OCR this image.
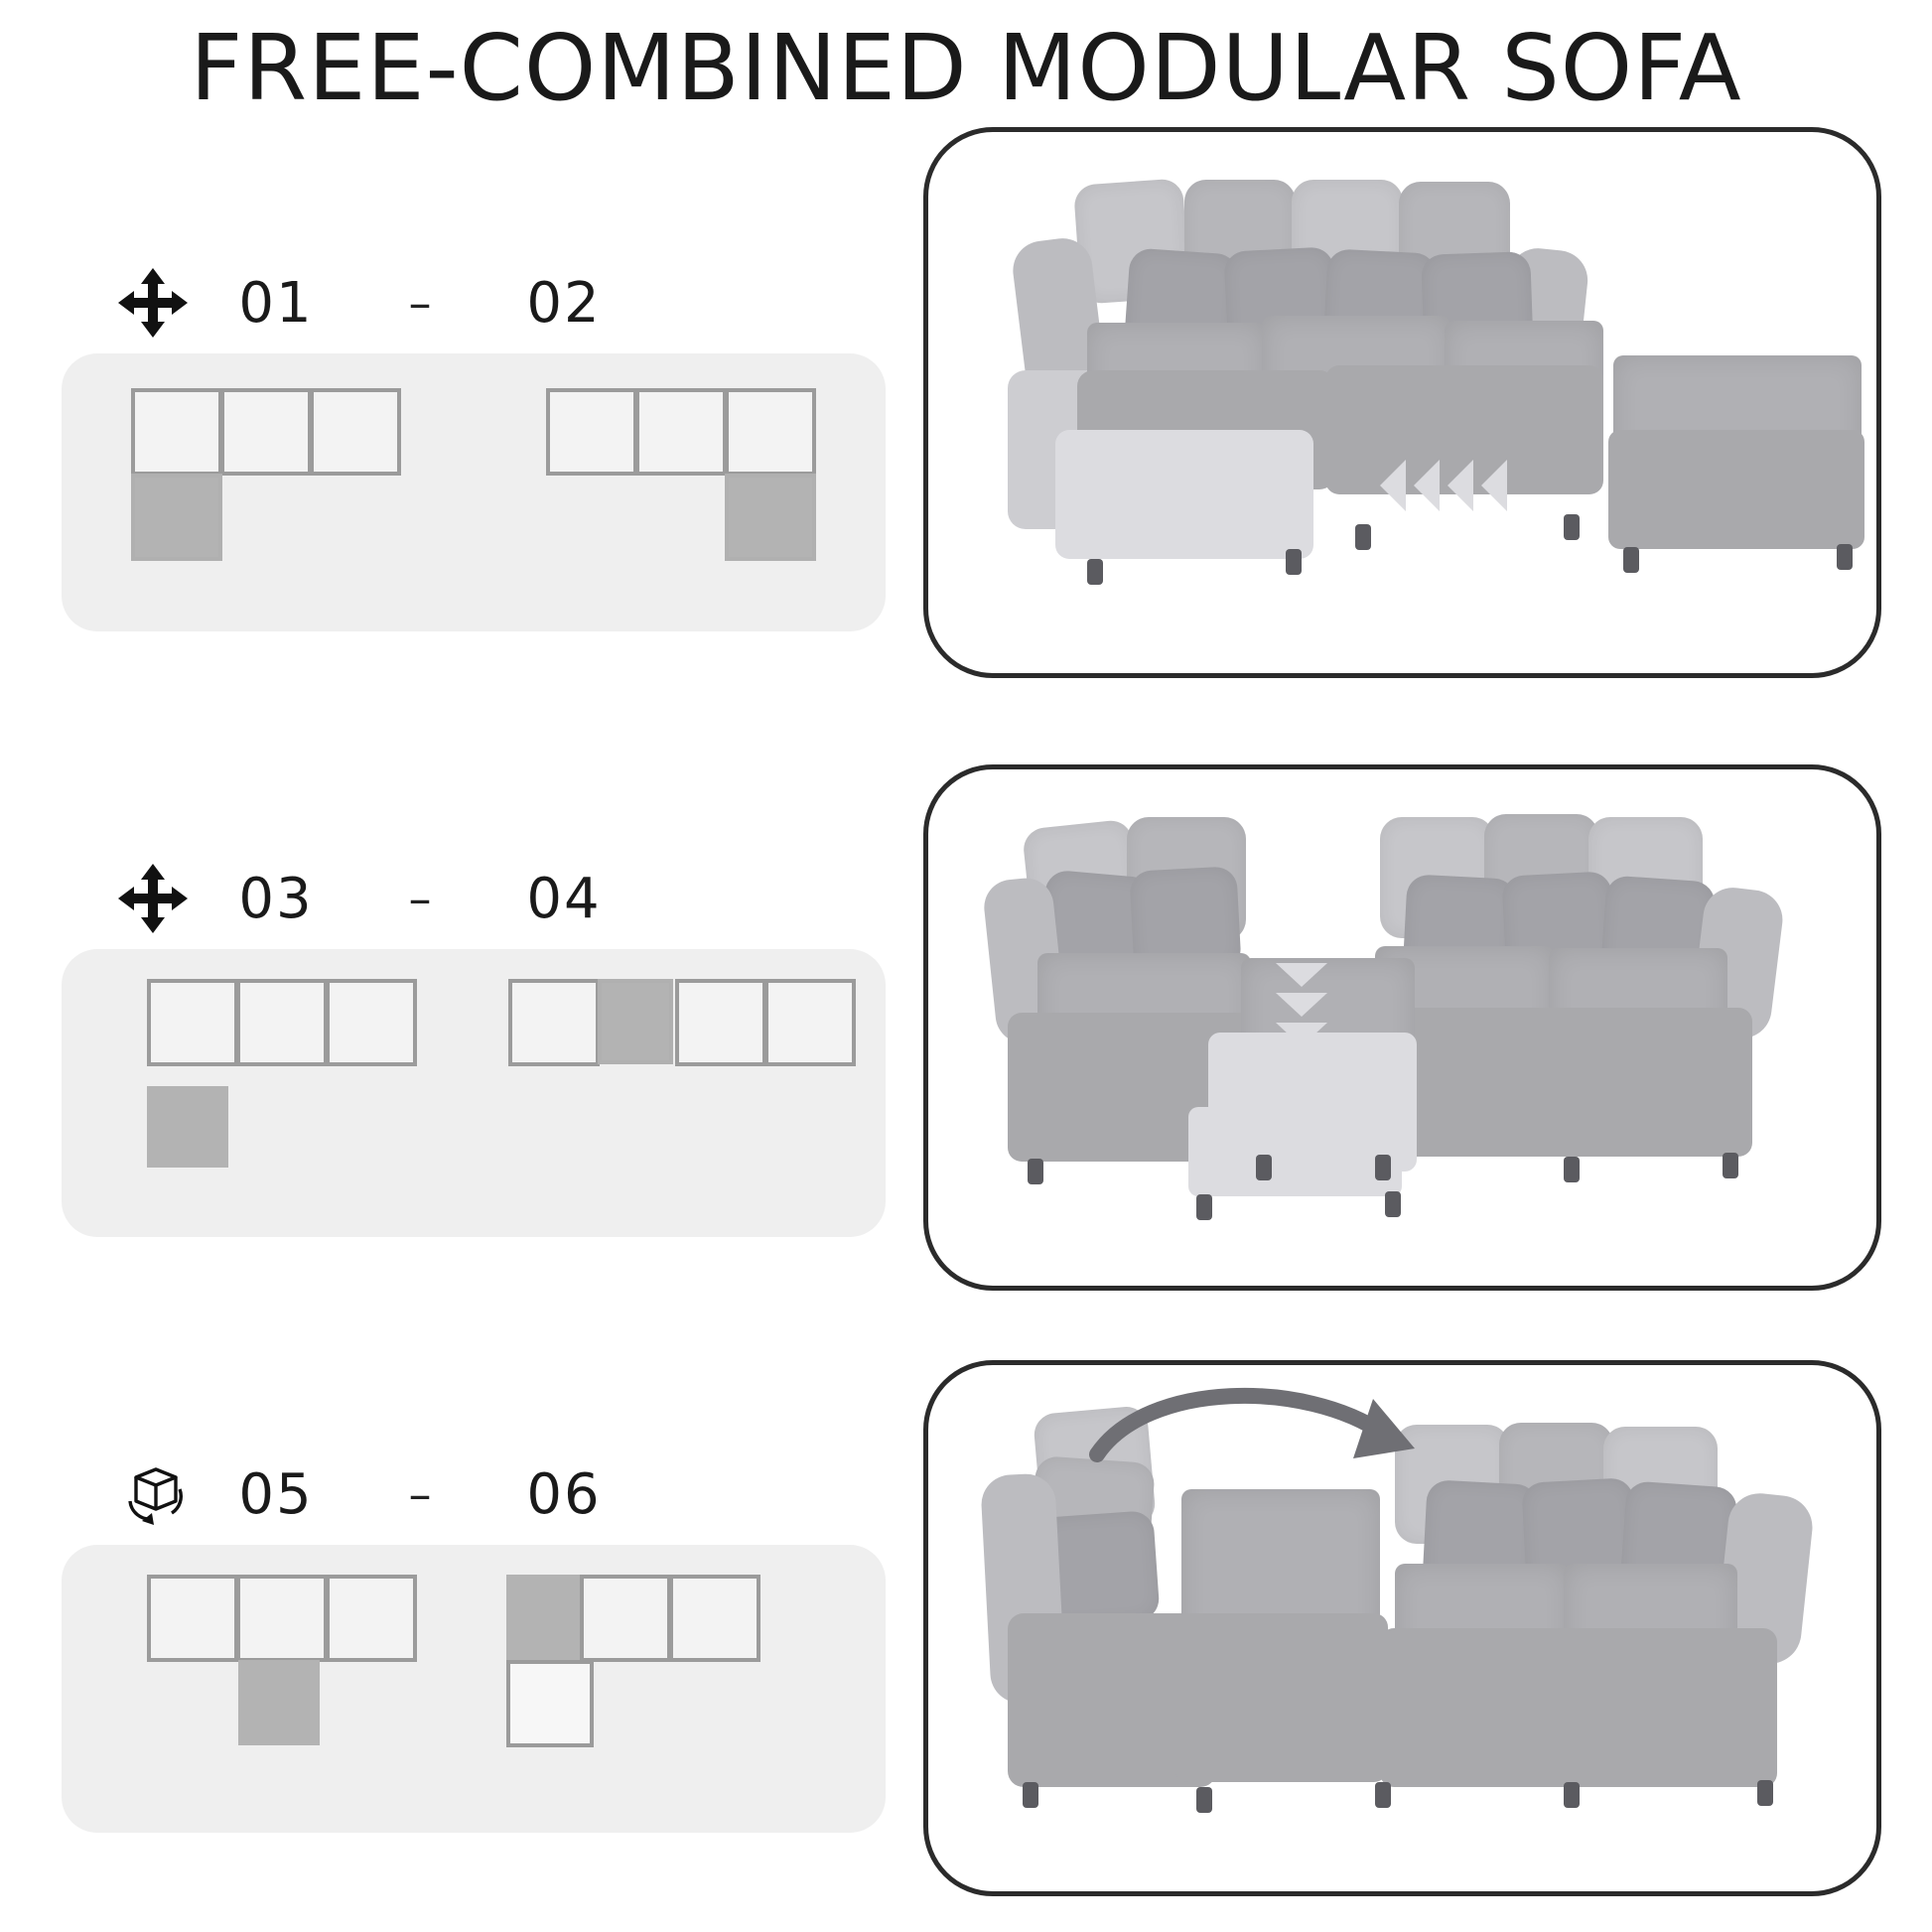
FREE-COMBINED MODULAR SOFA
01	–	02
03	–	04
05	–	06
